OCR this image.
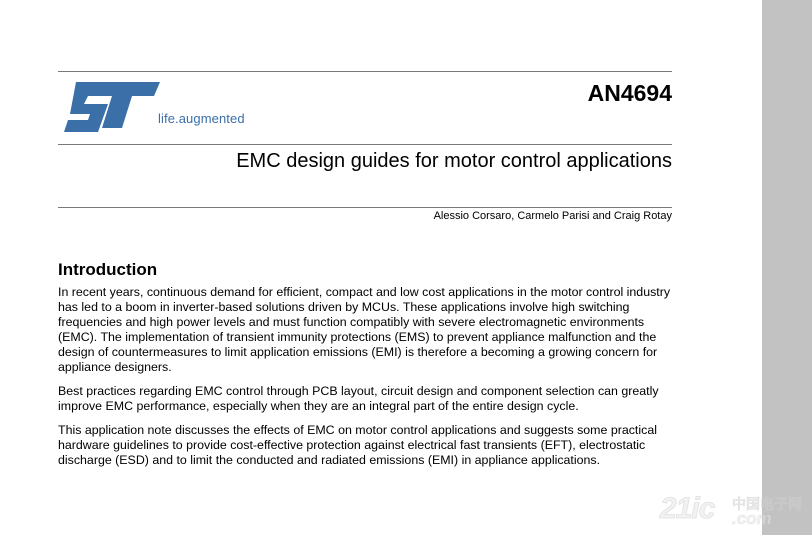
life.augmented
AN4694
EMC design guides for motor control applications
Alessio Corsaro, Carmelo Parisi and Craig Rotay
Introduction

In recent years, continuous demand for efficient, compact and low cost applications in the motor control industry has led to a boom in inverter-based solutions driven by MCUs. These applications involve high switching frequencies and high power levels and must function compatibly with severe electromagnetic environments (EMC). The implementation of transient immunity protections (EMS) to prevent appliance malfunction and the design of countermeasures to limit application emissions (EMI) is therefore a becoming a growing concern for appliance designers.

Best practices regarding EMC control through PCB layout, circuit design and component selection can greatly improve EMC performance, especially when they are an integral part of the entire design cycle.

This application note discusses the effects of EMC on motor control applications and suggests some practical hardware guidelines to provide cost-effective protection against electrical fast transients (EFT), electrostatic discharge (ESD) and to limit the conducted and radiated emissions (EMI) in appliance applications.

21ic 中国电子网
.com
